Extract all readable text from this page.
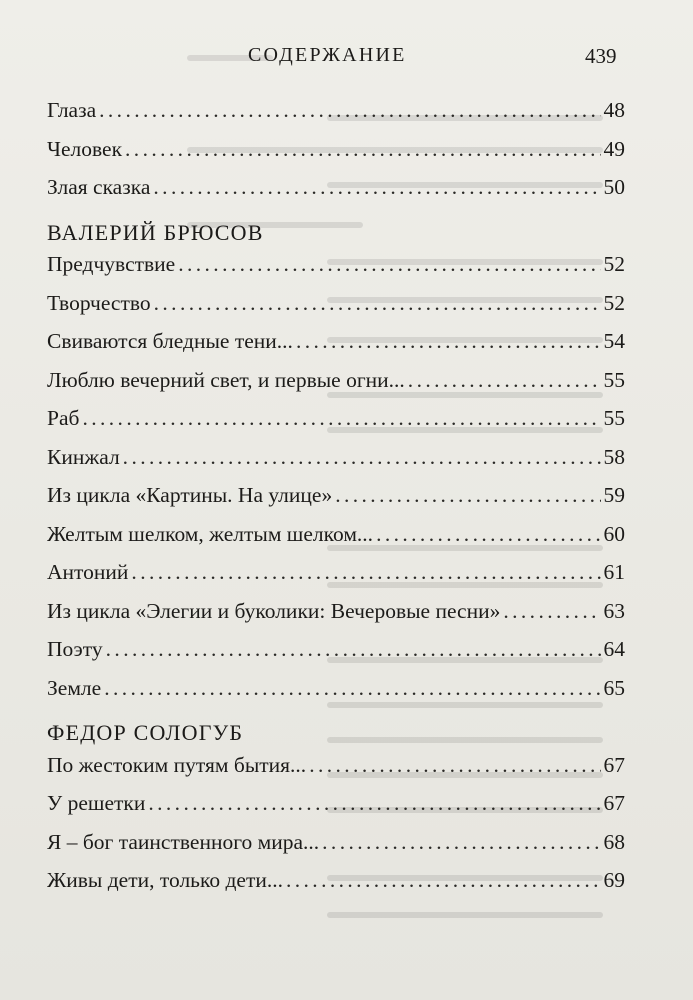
СОДЕРЖАНИЕ	439
Глаза .....	48
Человек .....	49
Злая сказка .....	50
ВАЛЕРИЙ БРЮСОВ
Предчувствие .....	52
Творчество .....	52
Свиваются бледные тени... .....	54
Люблю вечерний свет, и первые огни... .....	55
Раб .....	55
Кинжал .....	58
Из цикла «Картины. На улице» .....	59
Желтым шелком, желтым шелком... .....	60
Антоний .....	61
Из цикла «Элегии и буколики: Вечеровые песни» .....	63
Поэту .....	64
Земле .....	65
ФЕДОР СОЛОГУБ
По жестоким путям бытия... .....	67
У решетки .....	67
Я – бог таинственного мира... .....	68
Живы дети, только дети... .....	69
